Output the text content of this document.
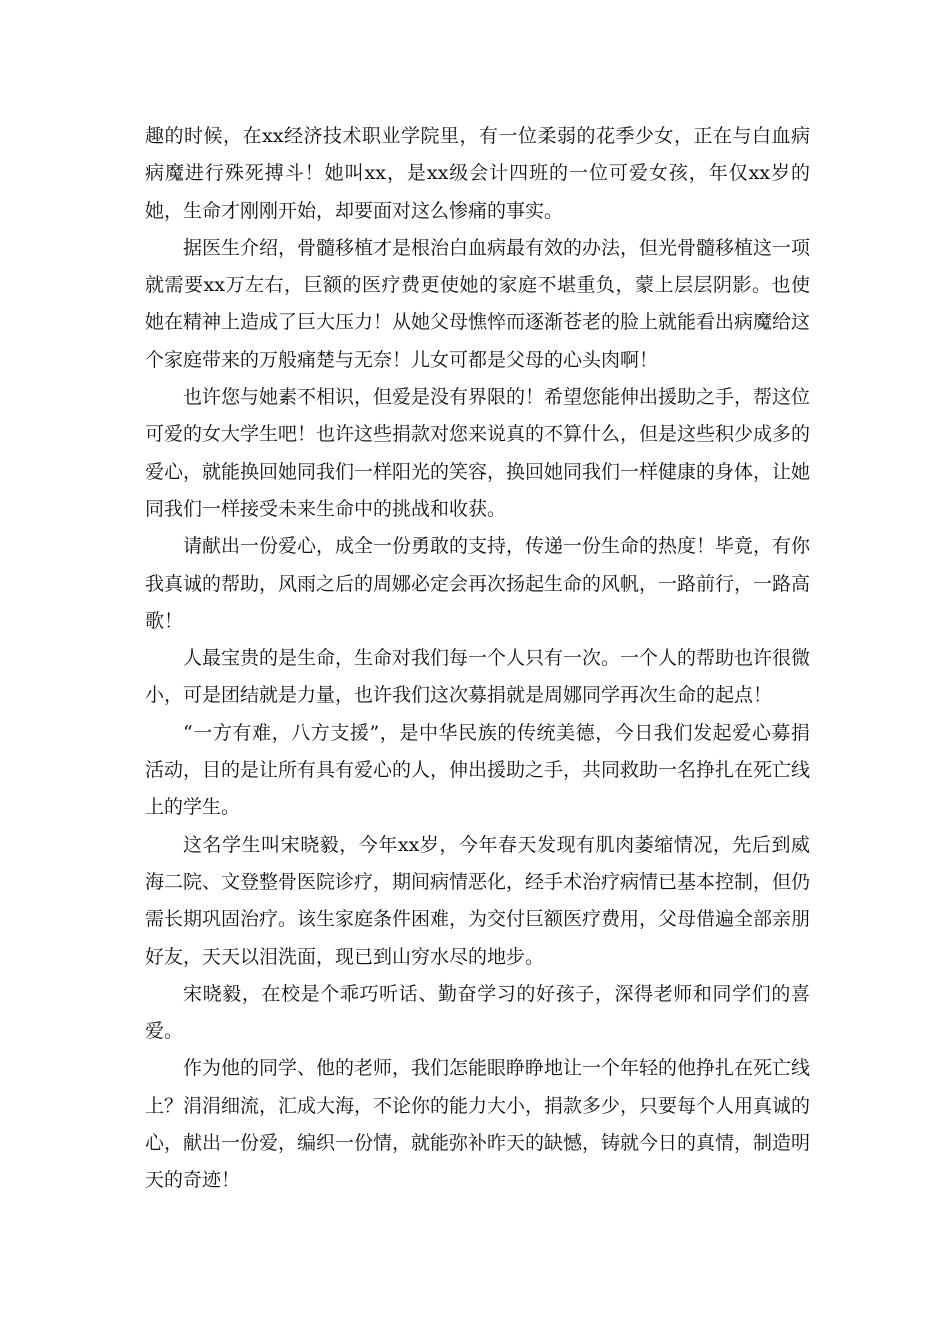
趣的时候，在xx经济技术职业学院里，有一位柔弱的花季少女，正在与白血病病魔进行殊死搏斗！她叫xx，是xx级会计四班的一位可爱女孩，年仅xx岁的她，生命才刚刚开始，却要面对这么惨痛的事实。

据医生介绍，骨髓移植才是根治白血病最有效的办法，但光骨髓移植这一项就需要xx万左右，巨额的医疗费更使她的家庭不堪重负，蒙上层层阴影。也使她在精神上造成了巨大压力！从她父母憔悴而逐渐苍老的脸上就能看出病魔给这个家庭带来的万般痛楚与无奈！儿女可都是父母的心头肉啊！

也许您与她素不相识，但爱是没有界限的！希望您能伸出援助之手，帮这位可爱的女大学生吧！也许这些捐款对您来说真的不算什么，但是这些积少成多的爱心，就能换回她同我们一样阳光的笑容，换回她同我们一样健康的身体，让她同我们一样接受未来生命中的挑战和收获。

请献出一份爱心，成全一份勇敢的支持，传递一份生命的热度！毕竟，有你我真诚的帮助，风雨之后的周娜必定会再次扬起生命的风帆，一路前行，一路高歌！

人最宝贵的是生命，生命对我们每一个人只有一次。一个人的帮助也许很微小，可是团结就是力量，也许我们这次募捐就是周娜同学再次生命的起点！

“一方有难，八方支援”，是中华民族的传统美德，今日我们发起爱心募捐活动，目的是让所有具有爱心的人，伸出援助之手，共同救助一名挣扎在死亡线上的学生。

这名学生叫宋晓毅，今年xx岁，今年春天发现有肌肉萎缩情况，先后到威海二院、文登整骨医院诊疗，期间病情恶化，经手术治疗病情已基本控制，但仍需长期巩固治疗。该生家庭条件困难，为交付巨额医疗费用，父母借遍全部亲朋好友，天天以泪洗面，现已到山穷水尽的地步。

宋晓毅，在校是个乖巧听话、勤奋学习的好孩子，深得老师和同学们的喜爱。

作为他的同学、他的老师，我们怎能眼睁睁地让一个年轻的他挣扎在死亡线上？涓涓细流，汇成大海，不论你的能力大小，捐款多少，只要每个人用真诚的心，献出一份爱，编织一份情，就能弥补昨天的缺憾，铸就今日的真情，制造明天的奇迹！
